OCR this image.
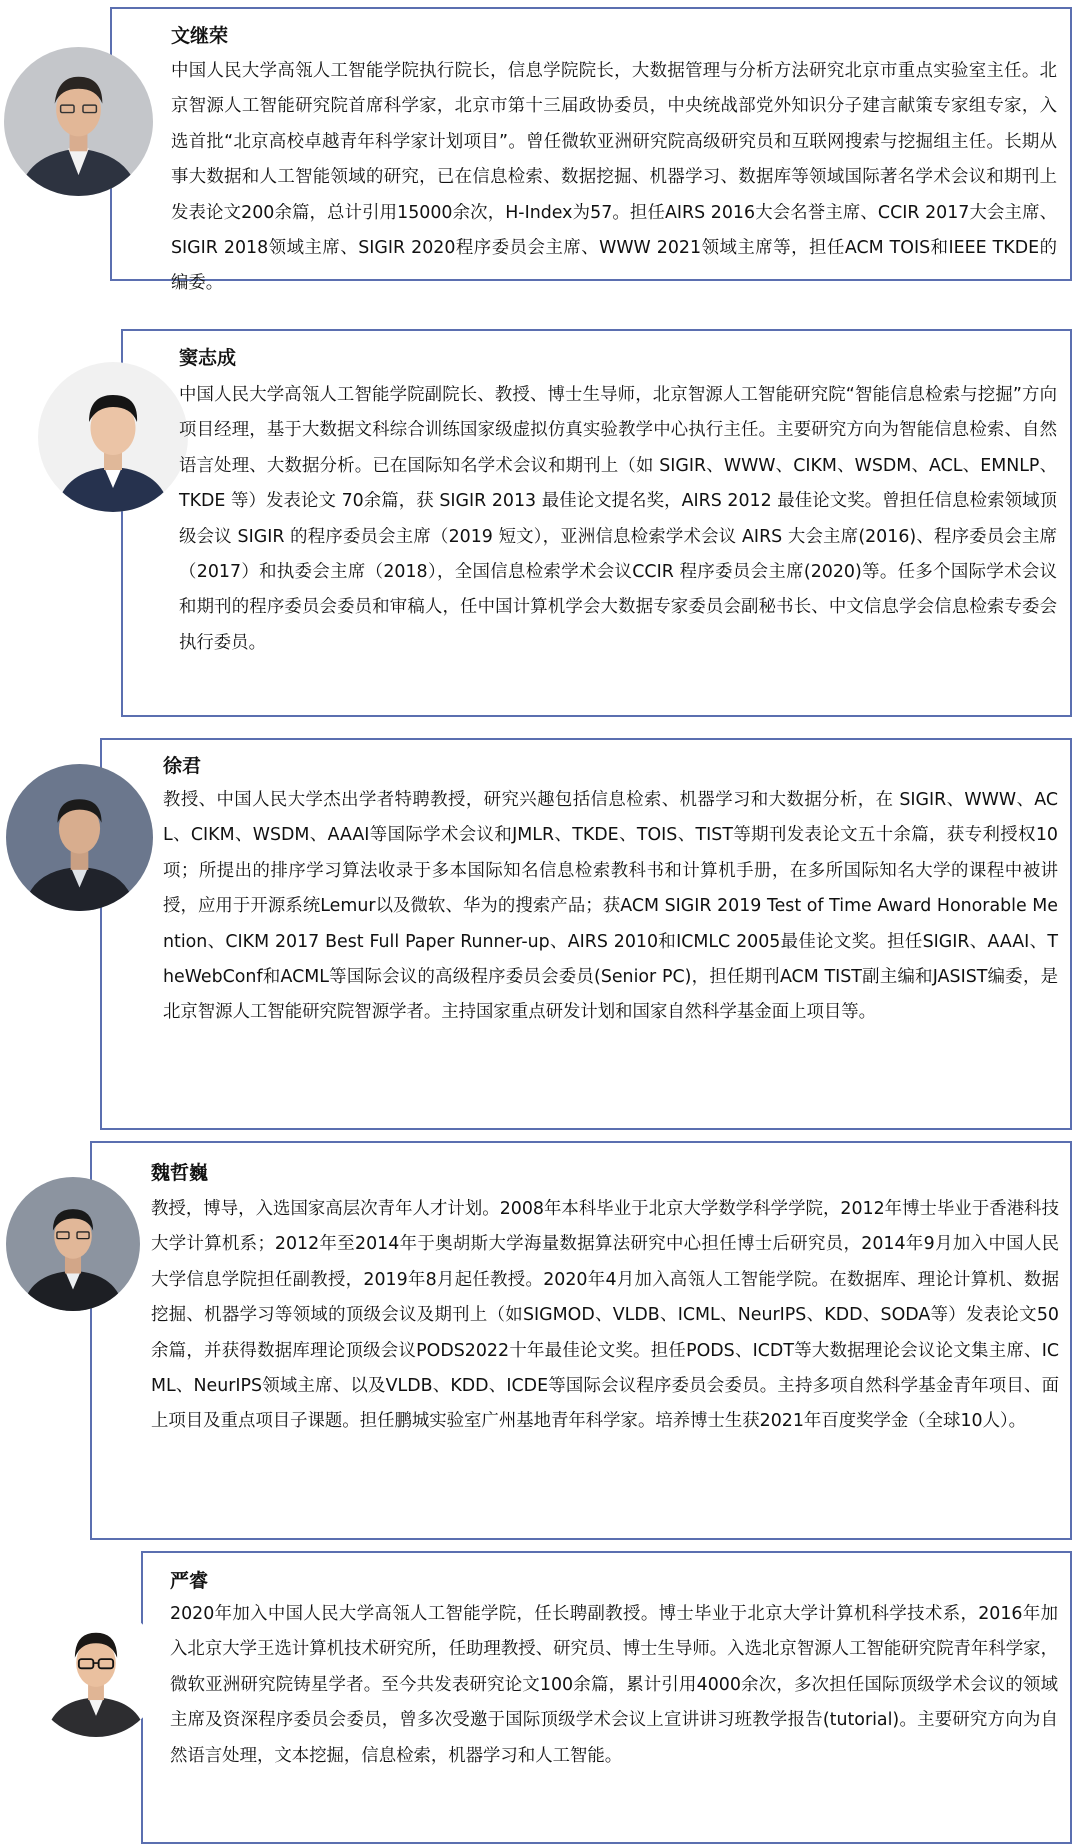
文继荣

中国人民大学高瓴人工智能学院执行院长，信息学院院长，大数据管理与分析方法研究北京市重点实验室主任。北京智源人工智能研究院首席科学家，北京市第十三届政协委员，中央统战部党外知识分子建言献策专家组专家，入选首批“北京高校卓越青年科学家计划项目”。曾任微软亚洲研究院高级研究员和互联网搜索与挖掘组主任。长期从事大数据和人工智能领域的研究，已在信息检索、数据挖掘、机器学习、数据库等领域国际著名学术会议和期刊上发表论文200余篇，总计引用15000余次，H-Index为57。担任AIRS 2016大会名誉主席、CCIR 2017大会主席、SIGIR 2018领域主席、SIGIR 2020程序委员会主席、WWW 2021领域主席等，担任ACM TOIS和IEEE TKDE的编委。

窦志成

中国人民大学高瓴人工智能学院副院长、教授、博士生导师，北京智源人工智能研究院“智能信息检索与挖掘”方向项目经理，基于大数据文科综合训练国家级虚拟仿真实验教学中心执行主任。主要研究方向为智能信息检索、自然语言处理、大数据分析。已在国际知名学术会议和期刊上（如 SIGIR、WWW、CIKM、WSDM、ACL、EMNLP、TKDE 等）发表论文 70余篇，获 SIGIR 2013 最佳论文提名奖，AIRS 2012 最佳论文奖。曾担任信息检索领域顶级会议 SIGIR 的程序委员会主席（2019 短文），亚洲信息检索学术会议 AIRS 大会主席(2016)、程序委员会主席（2017）和执委会主席（2018），全国信息检索学术会议CCIR 程序委员会主席(2020)等。任多个国际学术会议和期刊的程序委员会委员和审稿人，任中国计算机学会大数据专家委员会副秘书长、中文信息学会信息检索专委会执行委员。

徐君

教授、中国人民大学杰出学者特聘教授，研究兴趣包括信息检索、机器学习和大数据分析，在 SIGIR、WWW、ACL、CIKM、WSDM、AAAI等国际学术会议和JMLR、TKDE、TOIS、TIST等期刊发表论文五十余篇，获专利授权10项；所提出的排序学习算法收录于多本国际知名信息检索教科书和计算机手册，在多所国际知名大学的课程中被讲授，应用于开源系统Lemur以及微软、华为的搜索产品；获ACM SIGIR 2019 Test of Time Award Honorable Mention、CIKM 2017 Best Full Paper Runner-up、AIRS 2010和ICMLC 2005最佳论文奖。担任SIGIR、AAAI、TheWebConf和ACML等国际会议的高级程序委员会委员(Senior PC)，担任期刊ACM TIST副主编和JASIST编委，是北京智源人工智能研究院智源学者。主持国家重点研发计划和国家自然科学基金面上项目等。

魏哲巍

教授，博导，入选国家高层次青年人才计划。2008年本科毕业于北京大学数学科学学院，2012年博士毕业于香港科技大学计算机系；2012年至2014年于奥胡斯大学海量数据算法研究中心担任博士后研究员，2014年9月加入中国人民大学信息学院担任副教授，2019年8月起任教授。2020年4月加入高瓴人工智能学院。在数据库、理论计算机、数据挖掘、机器学习等领域的顶级会议及期刊上（如SIGMOD、VLDB、ICML、NeurIPS、KDD、SODA等）发表论文50余篇，并获得数据库理论顶级会议PODS2022十年最佳论文奖。担任PODS、ICDT等大数据理论会议论文集主席、ICML、NeurIPS领域主席、以及VLDB、KDD、ICDE等国际会议程序委员会委员。主持多项自然科学基金青年项目、面上项目及重点项目子课题。担任鹏城实验室广州基地青年科学家。培养博士生获2021年百度奖学金（全球10人）。

严睿

2020年加入中国人民大学高瓴人工智能学院，任长聘副教授。博士毕业于北京大学计算机科学技术系，2016年加入北京大学王选计算机技术研究所，任助理教授、研究员、博士生导师。入选北京智源人工智能研究院青年科学家，微软亚洲研究院铸星学者。至今共发表研究论文100余篇，累计引用4000余次，多次担任国际顶级学术会议的领域主席及资深程序委员会委员，曾多次受邀于国际顶级学术会议上宣讲讲习班教学报告(tutorial)。主要研究方向为自然语言处理，文本挖掘，信息检索，机器学习和人工智能。
